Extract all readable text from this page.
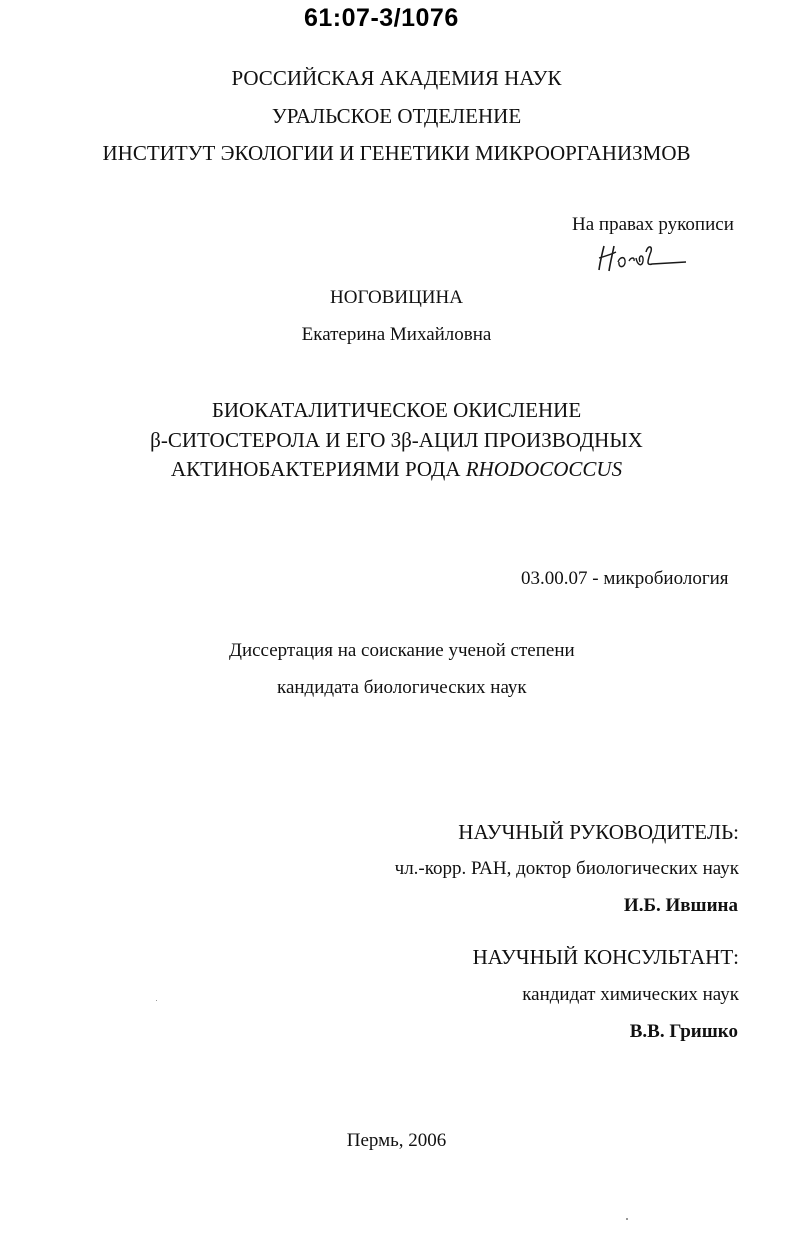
61:07-3/1076
РОССИЙСКАЯ АКАДЕМИЯ НАУК
УРАЛЬСКОЕ ОТДЕЛЕНИЕ
ИНСТИТУТ ЭКОЛОГИИ И ГЕНЕТИКИ МИКРООРГАНИЗМОВ
На правах рукописи
НОГОВИЦИНА
Екатерина Михайловна
БИОКАТАЛИТИЧЕСКОЕ ОКИСЛЕНИЕ
β-СИТОСТЕРОЛА И ЕГО 3β-АЦИЛ ПРОИЗВОДНЫХ
АКТИНОБАКТЕРИЯМИ РОДА RHODOCOCCUS
03.00.07 - микробиология
Диссертация на соискание ученой степени
кандидата биологических наук
НАУЧНЫЙ РУКОВОДИТЕЛЬ:
чл.-корр. РАН, доктор биологических наук
И.Б. Ившина
НАУЧНЫЙ КОНСУЛЬТАНТ:
кандидат химических наук
В.В. Гришко
Пермь, 2006
